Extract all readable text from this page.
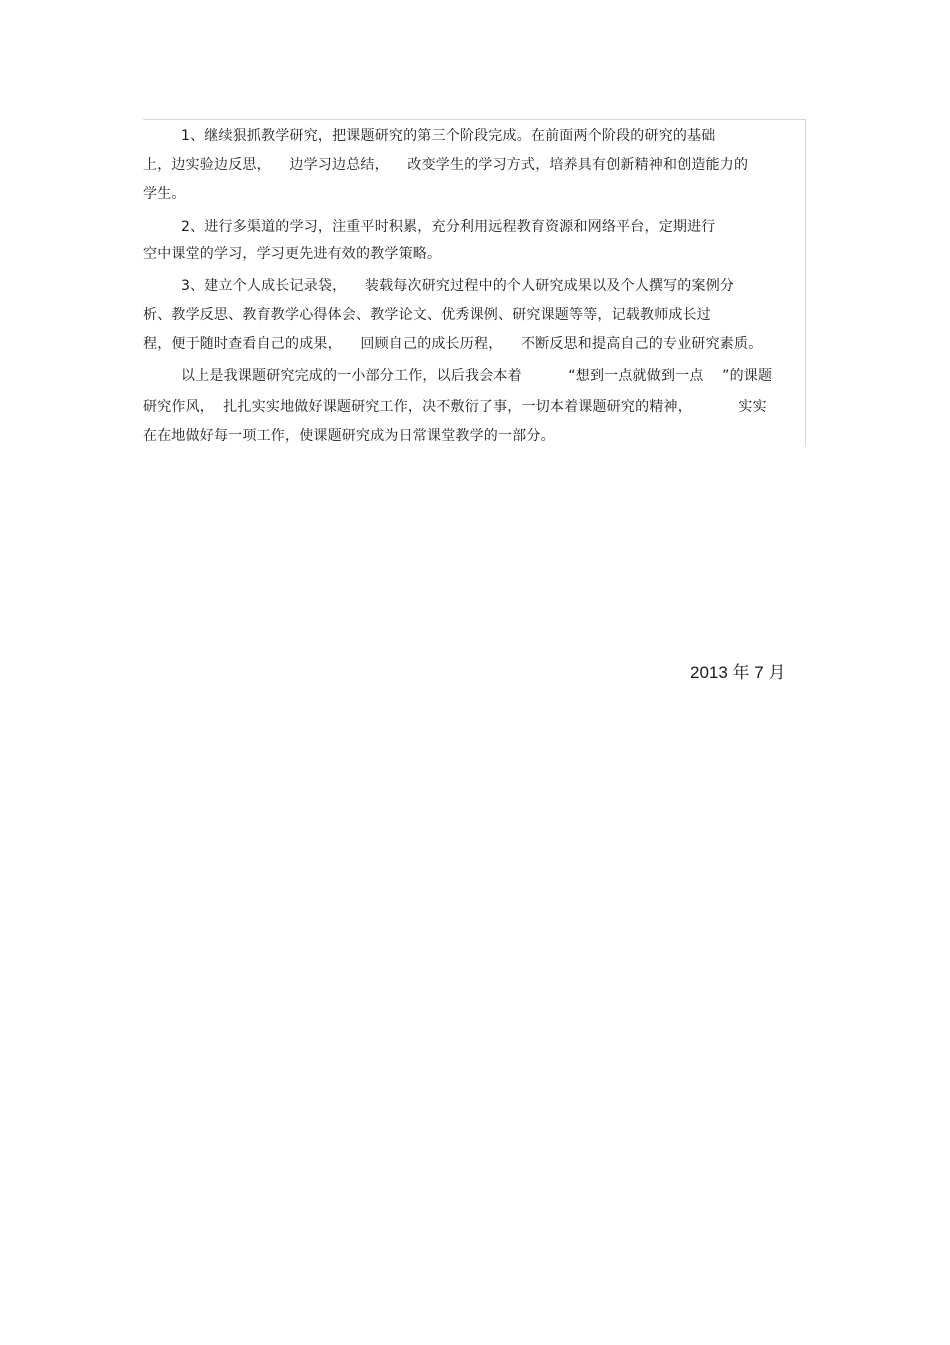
1、继续狠抓教学研究，把课题研究的第三个阶段完成。在前面两个阶段的研究的基础
上，边实验边反思，    边学习边总结，    改变学生的学习方式，培养具有创新精神和创造能力的
学生。
2、进行多渠道的学习，注重平时积累，充分利用远程教育资源和网络平台，定期进行
空中课堂的学习，学习更先进有效的教学策略。
3、建立个人成长记录袋，    装载每次研究过程中的个人研究成果以及个人撰写的案例分
析、教学反思、教育教学心得体会、教学论文、优秀课例、研究课题等等，记载教师成长过
程，便于随时查看自己的成果，    回顾自己的成长历程，    不断反思和提高自己的专业研究素质。
以上是我课题研究完成的一小部分工作，以后我会本着          “想到一点就做到一点    ”的课题
研究作风，  扎扎实实地做好课题研究工作，决不敷衍了事，一切本着课题研究的精神，          实实
在在地做好每一项工作，使课题研究成为日常课堂教学的一部分。
2013 年 7 月
